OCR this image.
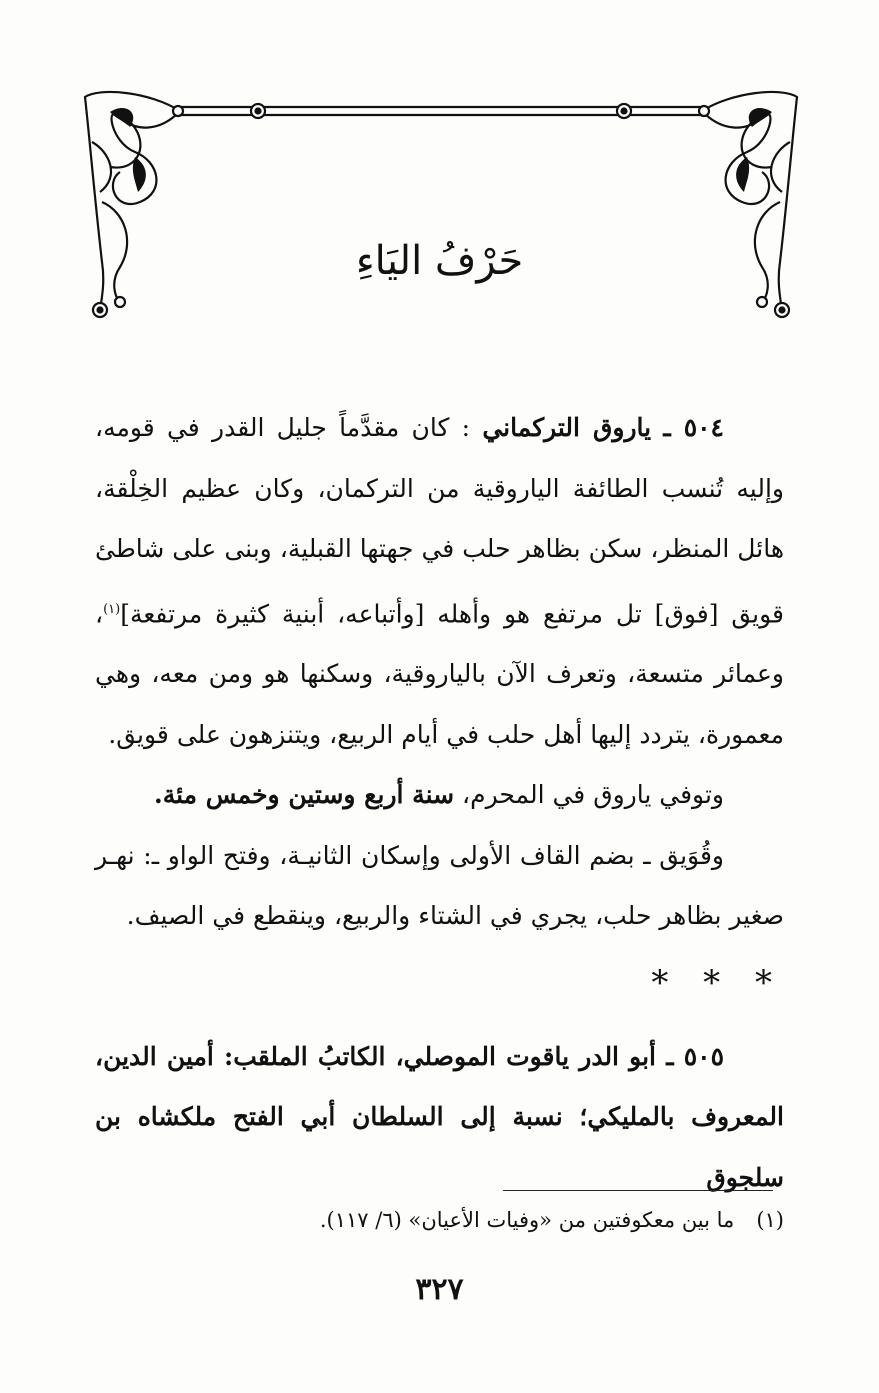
حَرْفُ اليَاءِ

٥٠٤ ـ ياروق التركماني : كان مقدَّماً جليل القدر في قومه، وإليه تُنسب الطائفة الياروقية من التركمان، وكان عظيم الخِلْقة، هائل المنظر، سكن بظاهر حلب في جهتها القبلية، وبنى على شاطئ قويق [فوق] تل مرتفع هو وأهله [وأتباعه، أبنية كثيرة مرتفعة]$^{(١)}$، وعمائر متسعة، وتعرف الآن بالياروقية، وسكنها هو ومن معه، وهي معمورة، يتردد إليها أهل حلب في أيام الربيع، ويتنزهون على قويق.

وتوفي ياروق في المحرم، سنة أربع وستين وخمس مئة.

وقُوَيق ـ بضم القاف الأولى وإسكان الثانيـة، وفتح الواو ـ: نهـر صغير بظاهر حلب، يجري في الشتاء والربيع، وينقطع في الصيف.

* * *

٥٠٥ ـ أبو الدر ياقوت الموصلي، الكاتبُ الملقب: أمين الدين، المعروف بالمليكي؛ نسبة إلى السلطان أبي الفتح ملكشاه بن سلجوق

(١)ما بين معكوفتين من «وفيات الأعيان» (٦/ ١١٧).
٣٢٧
